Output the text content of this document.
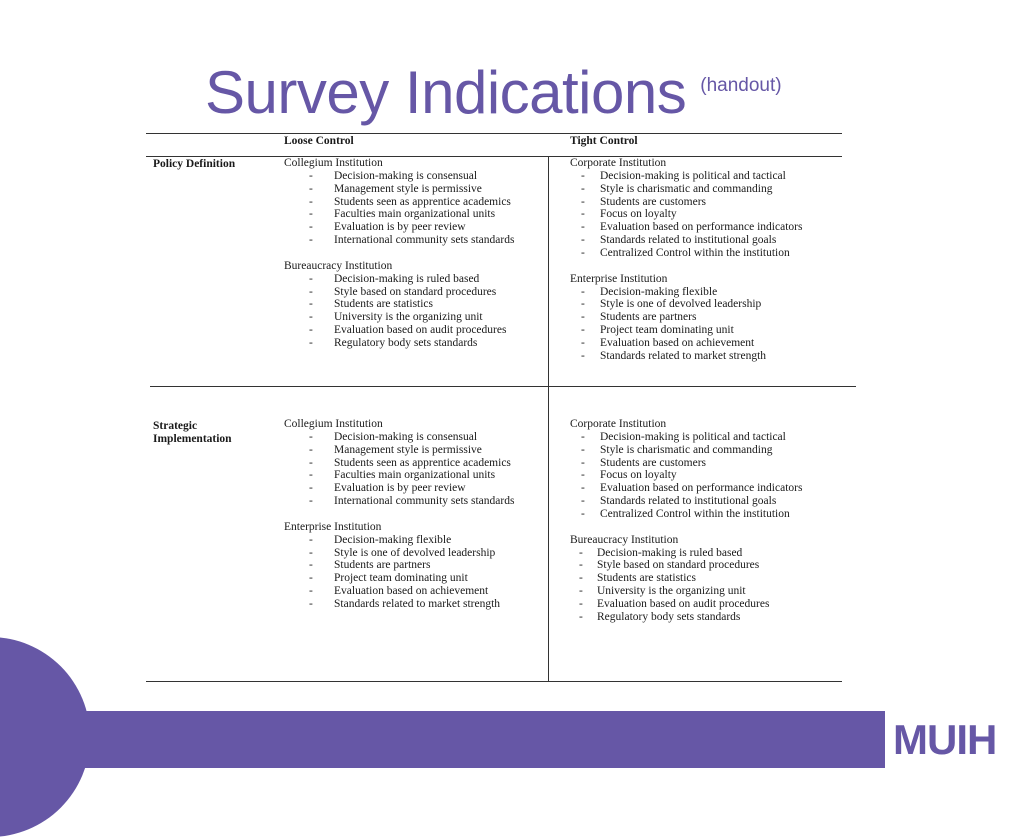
Survey Indications (handout)
Loose Control	Tight Control
Policy Definition
Strategic
Implementation
Collegium Institution
- Decision-making is consensual
- Management style is permissive
- Students seen as apprentice academics
- Faculties main organizational units
- Evaluation is by peer review
- International community sets standards
Bureaucracy Institution
- Decision-making is ruled based
- Style based on standard procedures
- Students are statistics
- University is the organizing unit
- Evaluation based on audit procedures
- Regulatory body sets standards
Corporate Institution
- Decision-making is political and tactical
- Style is charismatic and commanding
- Students are customers
- Focus on loyalty
- Evaluation based on performance indicators
- Standards related to institutional goals
- Centralized Control within the institution
Enterprise Institution
- Decision-making flexible
- Style is one of devolved leadership
- Students are partners
- Project team dominating unit
- Evaluation based on achievement
- Standards related to market strength
Collegium Institution
- Decision-making is consensual
- Management style is permissive
- Students seen as apprentice academics
- Faculties main organizational units
- Evaluation is by peer review
- International community sets standards
Enterprise Institution
- Decision-making flexible
- Style is one of devolved leadership
- Students are partners
- Project team dominating unit
- Evaluation based on achievement
- Standards related to market strength
Corporate Institution
- Decision-making is political and tactical
- Style is charismatic and commanding
- Students are customers
- Focus on loyalty
- Evaluation based on performance indicators
- Standards related to institutional goals
- Centralized Control within the institution
Bureaucracy Institution
- Decision-making is ruled based
- Style based on standard procedures
- Students are statistics
- University is the organizing unit
- Evaluation based on audit procedures
- Regulatory body sets standards
MUIH
